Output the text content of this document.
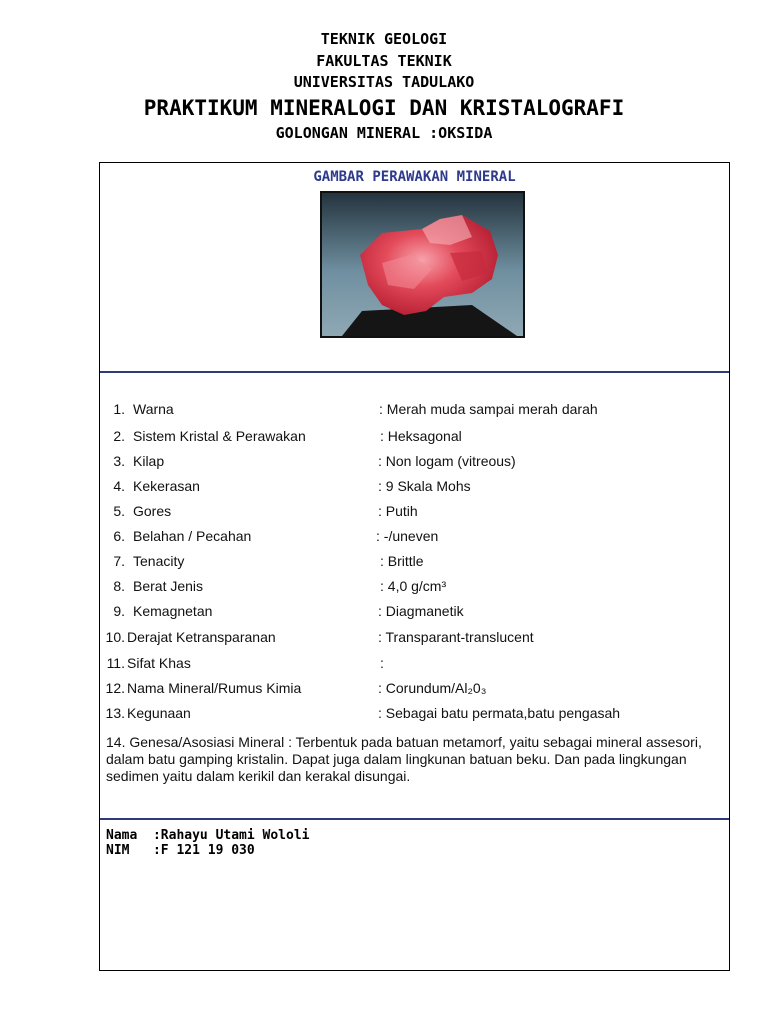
TEKNIK GEOLOGI
FAKULTAS TEKNIK
UNIVERSITAS TADULAKO
PRAKTIKUM MINERALOGI DAN KRISTALOGRAFI
GOLONGAN MINERAL :OKSIDA
GAMBAR PERAWAKAN MINERAL
1. Warna	: Merah muda sampai merah darah
2. Sistem Kristal & Perawakan	: Heksagonal
3. Kilap	: Non logam (vitreous)
4. Kekerasan	: 9 Skala Mohs
5. Gores	: Putih
6. Belahan / Pecahan	: -/uneven
7. Tenacity	: Brittle
8. Berat Jenis	: 4,0 g/cm³
9. Kemagnetan	: Diagmanetik
10. Derajat Ketransparanan	: Transparant-translucent
11. Sifat Khas	:
12. Nama Mineral/Rumus Kimia	: Corundum/Al₂0₃
13. Kegunaan	: Sebagai batu permata,batu pengasah
14. Genesa/Asosiasi Mineral : Terbentuk pada batuan metamorf, yaitu sebagai mineral assesori, dalam batu gamping kristalin. Dapat juga dalam lingkunan batuan beku. Dan pada lingkungan sedimen yaitu dalam kerikil dan kerakal disungai.
Nama  :Rahayu Utami Wololi
NIM   :F 121 19 030
